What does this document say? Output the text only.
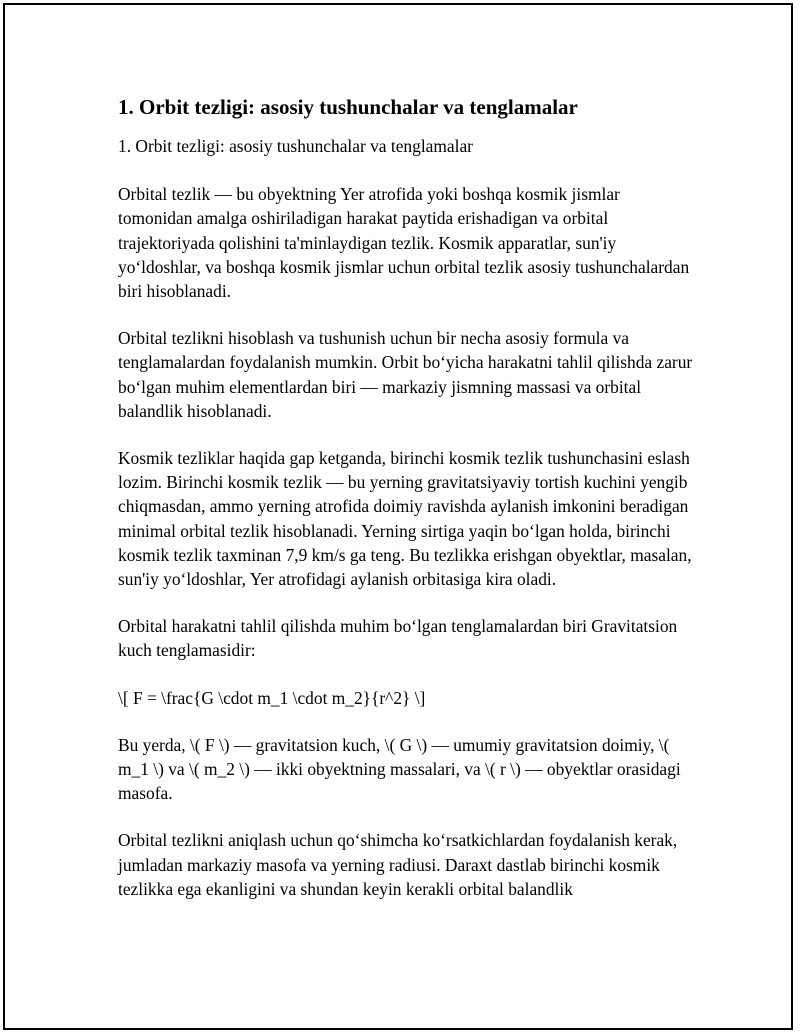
1. Orbit tezligi: asosiy tushunchalar va tenglamalar

1. Orbit tezligi: asosiy tushunchalar va tenglamalar

Orbital tezlik — bu obyektning Yer atrofida yoki boshqa kosmik jismlar tomonidan amalga oshiriladigan harakat paytida erishadigan va orbital trajektoriyada qolishini ta'minlaydigan tezlik. Kosmik apparatlar, sun'iy yo‘ldoshlar, va boshqa kosmik jismlar uchun orbital tezlik asosiy tushunchalardan biri hisoblanadi.

Orbital tezlikni hisoblash va tushunish uchun bir necha asosiy formula va tenglamalardan foydalanish mumkin. Orbit bo‘yicha harakatni tahlil qilishda zarur bo‘lgan muhim elementlardan biri — markaziy jismning massasi va orbital balandlik hisoblanadi.

Kosmik tezliklar haqida gap ketganda, birinchi kosmik tezlik tushunchasini eslash lozim. Birinchi kosmik tezlik — bu yerning gravitatsiyaviy tortish kuchini yengib chiqmasdan, ammo yerning atrofida doimiy ravishda aylanish imkonini beradigan minimal orbital tezlik hisoblanadi. Yerning sirtiga yaqin bo‘lgan holda, birinchi kosmik tezlik taxminan 7,9 km/s ga teng. Bu tezlikka erishgan obyektlar, masalan, sun'iy yo‘ldoshlar, Yer atrofidagi aylanish orbitasiga kira oladi.

Orbital harakatni tahlil qilishda muhim bo‘lgan tenglamalardan biri Gravitatsion kuch tenglamasidir:

\[ F = \frac{G \cdot m_1 \cdot m_2}{r^2} \]

Bu yerda, \( F \) — gravitatsion kuch, \( G \) — umumiy gravitatsion doimiy, \( m_1 \) va \( m_2 \) — ikki obyektning massalari, va \( r \) — obyektlar orasidagi masofa.

Orbital tezlikni aniqlash uchun qo‘shimcha ko‘rsatkichlardan foydalanish kerak, jumladan markaziy masofa va yerning radiusi. Daraxt dastlab birinchi kosmik tezlikka ega ekanligini va shundan keyin kerakli orbital balandlik
